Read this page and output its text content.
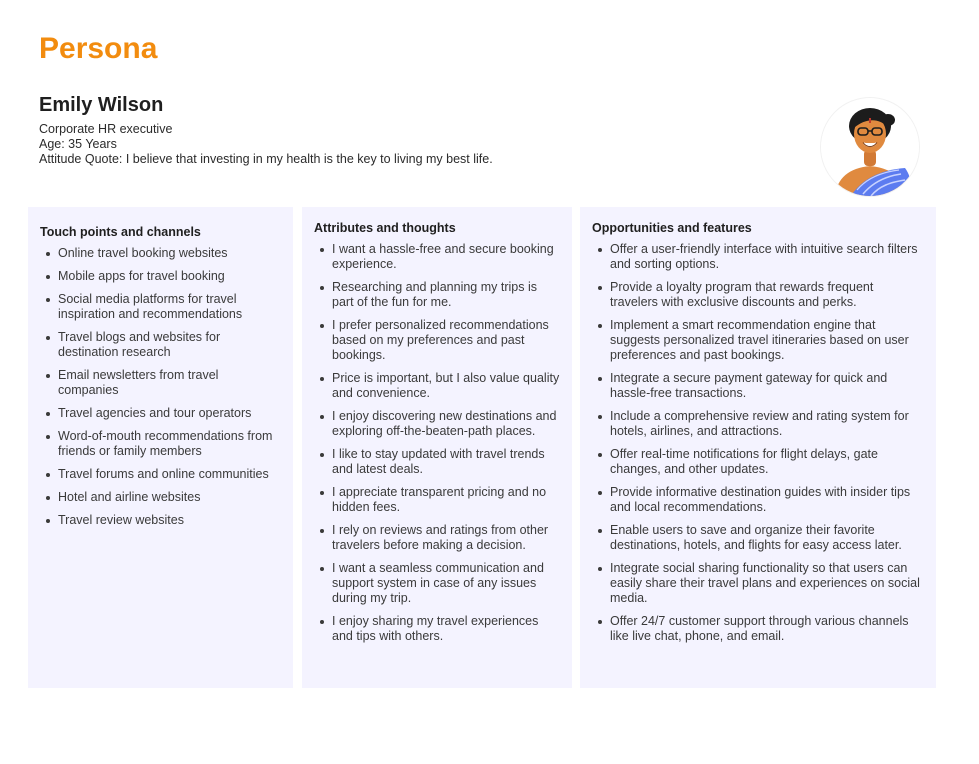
Persona
Emily Wilson
Corporate HR executive
Age: 35 Years
Attitude Quote: I believe that investing in my health is the key to living my best life.
Touch points and channels
Online travel booking websites
Mobile apps for travel booking
Social media platforms for travel inspiration and recommendations
Travel blogs and websites for destination research
Email newsletters from travel companies
Travel agencies and tour operators
Word-of-mouth recommendations from friends or family members
Travel forums and online communities
Hotel and airline websites
Travel review websites
Attributes and thoughts
I want a hassle-free and secure booking experience.
Researching and planning my trips is part of the fun for me.
I prefer personalized recommendations based on my preferences and past bookings.
Price is important, but I also value quality and convenience.
I enjoy discovering new destinations and exploring off-the-beaten-path places.
I like to stay updated with travel trends and latest deals.
I appreciate transparent pricing and no hidden fees.
I rely on reviews and ratings from other travelers before making a decision.
I want a seamless communication and support system in case of any issues during my trip.
I enjoy sharing my travel experiences and tips with others.
Opportunities and features
Offer a user-friendly interface with intuitive search filters and sorting options.
Provide a loyalty program that rewards frequent travelers with exclusive discounts and perks.
Implement a smart recommendation engine that suggests personalized travel itineraries based on user preferences and past bookings.
Integrate a secure payment gateway for quick and hassle-free transactions.
Include a comprehensive review and rating system for hotels, airlines, and attractions.
Offer real-time notifications for flight delays, gate changes, and other updates.
Provide informative destination guides with insider tips and local recommendations.
Enable users to save and organize their favorite destinations, hotels, and flights for easy access later.
Integrate social sharing functionality so that users can easily share their travel plans and experiences on social media.
Offer 24/7 customer support through various channels like live chat, phone, and email.
